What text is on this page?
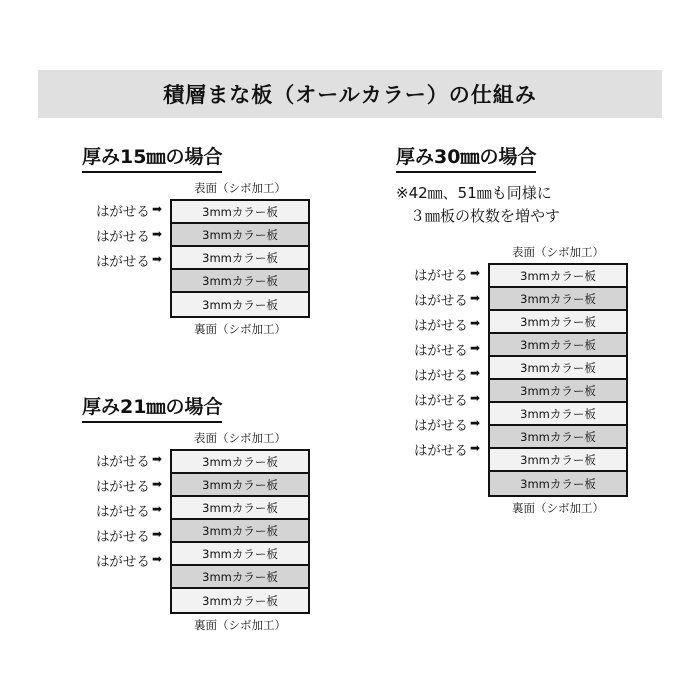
積層まな板（オールカラー）の仕組み
厚み15㎜の場合
表面（シボ加工）
3mmカラー板
3mmカラー板
3mmカラー板
3mmカラー板
3mmカラー板
裏面（シボ加工）
はがせる ➡
はがせる ➡
はがせる ➡
厚み21㎜の場合
表面（シボ加工）
3mmカラー板
3mmカラー板
3mmカラー板
3mmカラー板
3mmカラー板
3mmカラー板
3mmカラー板
裏面（シボ加工）
はがせる ➡
はがせる ➡
はがせる ➡
はがせる ➡
はがせる ➡
厚み30㎜の場合
※42㎜、51㎜も同様に
３㎜板の枚数を増やす
表面（シボ加工）
3mmカラー板
3mmカラー板
3mmカラー板
3mmカラー板
3mmカラー板
3mmカラー板
3mmカラー板
3mmカラー板
3mmカラー板
3mmカラー板
裏面（シボ加工）
はがせる ➡
はがせる ➡
はがせる ➡
はがせる ➡
はがせる ➡
はがせる ➡
はがせる ➡
はがせる ➡
